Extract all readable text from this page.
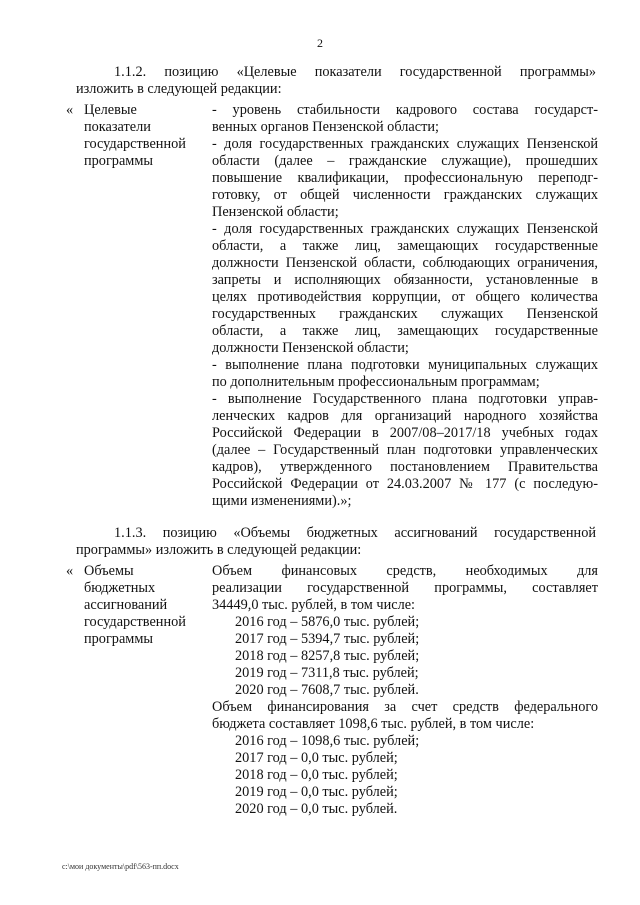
2
1.1.2. позицию «Целевые показатели государственной программы»
изложить в следующей редакции:
« Целевые
показатели
государственной
программы
- уровень стабильности кадрового состава государст-
венных органов Пензенской области;
- доля государственных гражданских служащих Пензенской
области (далее – гражданские служащие), прошедших
повышение квалификации, профессиональную переподг-
готовку, от общей численности гражданских служащих
Пензенской области;
- доля государственных гражданских служащих Пензенской
области, а также лиц, замещающих государственные
должности Пензенской области, соблюдающих ограничения,
запреты и исполняющих обязанности, установленные в
целях противодействия коррупции, от общего количества
государственных гражданских служащих Пензенской
области, а также лиц, замещающих государственные
должности Пензенской области;
- выполнение плана подготовки муниципальных служащих
по дополнительным профессиональным программам;
- выполнение Государственного плана подготовки управ-
ленческих кадров для организаций народного хозяйства
Российской Федерации в 2007/08–2017/18 учебных годах
(далее – Государственный план подготовки управленческих
кадров), утвержденного постановлением Правительства
Российской Федерации от 24.03.2007 № 177 (с последую-
щими изменениями).»;
1.1.3. позицию «Объемы бюджетных ассигнований государственной
программы» изложить в следующей редакции:
« Объемы
бюджетных
ассигнований
государственной
программы
Объем финансовых средств, необходимых для
реализации государственной программы, составляет
34449,0 тыс. рублей, в том числе:
2016 год – 5876,0 тыс. рублей;
2017 год – 5394,7 тыс. рублей;
2018 год – 8257,8 тыс. рублей;
2019 год – 7311,8 тыс. рублей;
2020 год – 7608,7 тыс. рублей.
Объем финансирования за счет средств федерального
бюджета составляет 1098,6 тыс. рублей, в том числе:
2016 год – 1098,6 тыс. рублей;
2017 год – 0,0 тыс. рублей;
2018 год – 0,0 тыс. рублей;
2019 год – 0,0 тыс. рублей;
2020 год – 0,0 тыс. рублей.
c:\мои документы\pdf\563-пп.docx
